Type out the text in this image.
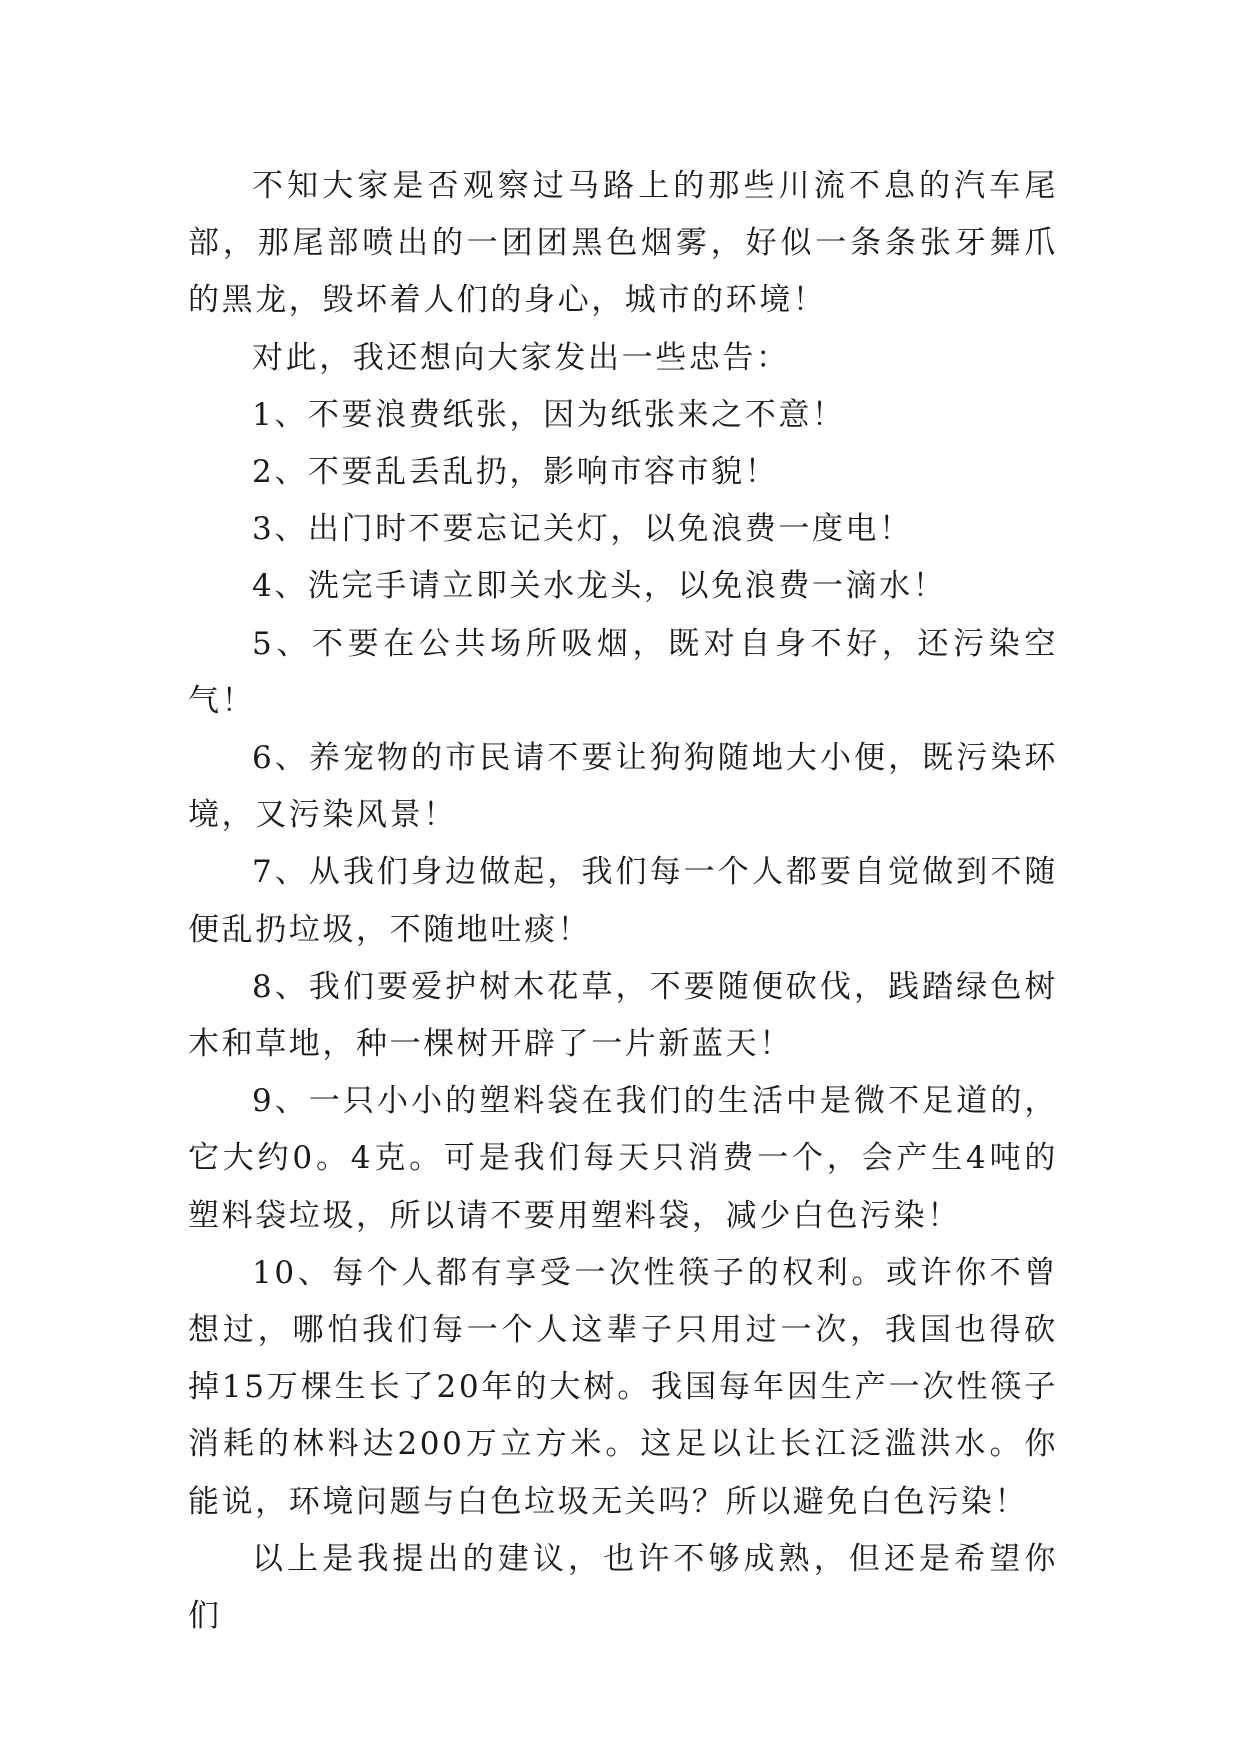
不知大家是否观察过马路上的那些川流不息的汽车尾部，那尾部喷出的一团团黑色烟雾，好似一条条张牙舞爪的黑龙，毁坏着人们的身心，城市的环境！

对此，我还想向大家发出一些忠告：

1、不要浪费纸张，因为纸张来之不意！

2、不要乱丢乱扔，影响市容市貌！

3、出门时不要忘记关灯，以免浪费一度电！

4、洗完手请立即关水龙头，以免浪费一滴水！

5、不要在公共场所吸烟，既对自身不好，还污染空气！

6、养宠物的市民请不要让狗狗随地大小便，既污染环境，又污染风景！

7、从我们身边做起，我们每一个人都要自觉做到不随便乱扔垃圾，不随地吐痰！

8、我们要爱护树木花草，不要随便砍伐，践踏绿色树木和草地，种一棵树开辟了一片新蓝天！

9、一只小小的塑料袋在我们的生活中是微不足道的，它大约0。4克。可是我们每天只消费一个，会产生4吨的塑料袋垃圾，所以请不要用塑料袋，减少白色污染！

10、每个人都有享受一次性筷子的权利。或许你不曾想过，哪怕我们每一个人这辈子只用过一次，我国也得砍掉15万棵生长了20年的大树。我国每年因生产一次性筷子消耗的林料达200万立方米。这足以让长江泛滥洪水。你能说，环境问题与白色垃圾无关吗？所以避免白色污染！

以上是我提出的建议，也许不够成熟，但还是希望你们
